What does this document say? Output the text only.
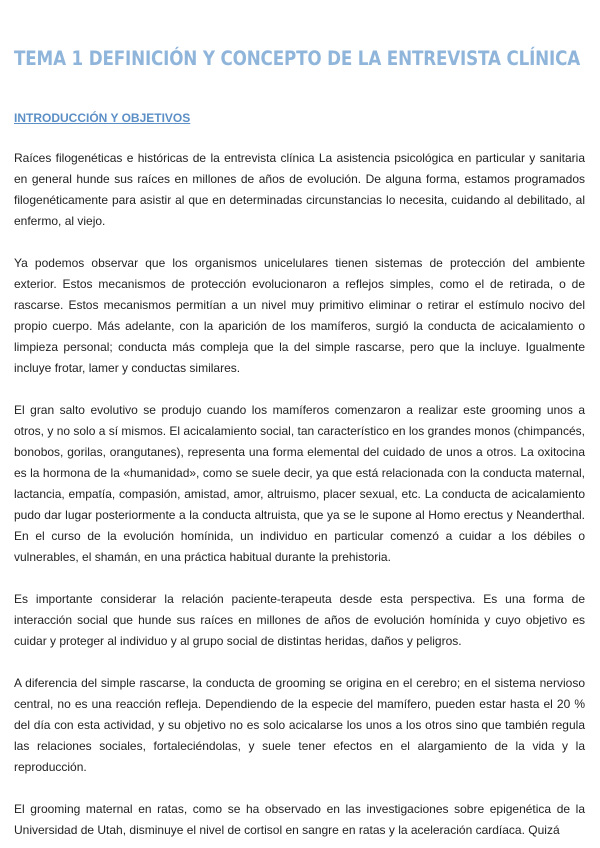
TEMA 1 DEFINICIÓN Y CONCEPTO DE LA ENTREVISTA CLÍNICA
INTRODUCCIÓN Y OBJETIVOS

Raíces filogenéticas e históricas de la entrevista clínica La asistencia psicológica en particular y sanitaria en general hunde sus raíces en millones de años de evolución. De alguna forma, estamos programados filogenéticamente para asistir al que en determinadas circunstancias lo necesita, cuidando al debilitado, al enfermo, al viejo.

Ya podemos observar que los organismos unicelulares tienen sistemas de protección del ambiente exterior. Estos mecanismos de protección evolucionaron a reflejos simples, como el de retirada, o de rascarse. Estos mecanismos permitían a un nivel muy primitivo eliminar o retirar el estímulo nocivo del propio cuerpo. Más adelante, con la aparición de los mamíferos, surgió la conducta de acicalamiento o limpieza personal; conducta más compleja que la del simple rascarse, pero que la incluye. Igualmente incluye frotar, lamer y conductas similares.

El gran salto evolutivo se produjo cuando los mamíferos comenzaron a realizar este grooming unos a otros, y no solo a sí mismos. El acicalamiento social, tan característico en los grandes monos (chimpancés, bonobos, gorilas, orangutanes), representa una forma elemental del cuidado de unos a otros. La oxitocina es la hormona de la «humanidad», como se suele decir, ya que está relacionada con la conducta maternal, lactancia, empatía, compasión, amistad, amor, altruismo, placer sexual, etc. La conducta de acicalamiento pudo dar lugar posteriormente a la conducta altruista, que ya se le supone al Homo erectus y Neanderthal. En el curso de la evolución homínida, un individuo en particular comenzó a cuidar a los débiles o vulnerables, el shamán, en una práctica habitual durante la prehistoria.

Es importante considerar la relación paciente-terapeuta desde esta perspectiva. Es una forma de interacción social que hunde sus raíces en millones de años de evolución homínida y cuyo objetivo es cuidar y proteger al individuo y al grupo social de distintas heridas, daños y peligros.

A diferencia del simple rascarse, la conducta de grooming se origina en el cerebro; en el sistema nervioso central, no es una reacción refleja. Dependiendo de la especie del mamífero, pueden estar hasta el 20 % del día con esta actividad, y su objetivo no es solo acicalarse los unos a los otros sino que también regula las relaciones sociales, fortaleciéndolas, y suele tener efectos en el alargamiento de la vida y la reproducción.

El grooming maternal en ratas, como se ha observado en las investigaciones sobre epigenética de la Universidad de Utah, disminuye el nivel de cortisol en sangre en ratas y la aceleración cardíaca. Quizá
